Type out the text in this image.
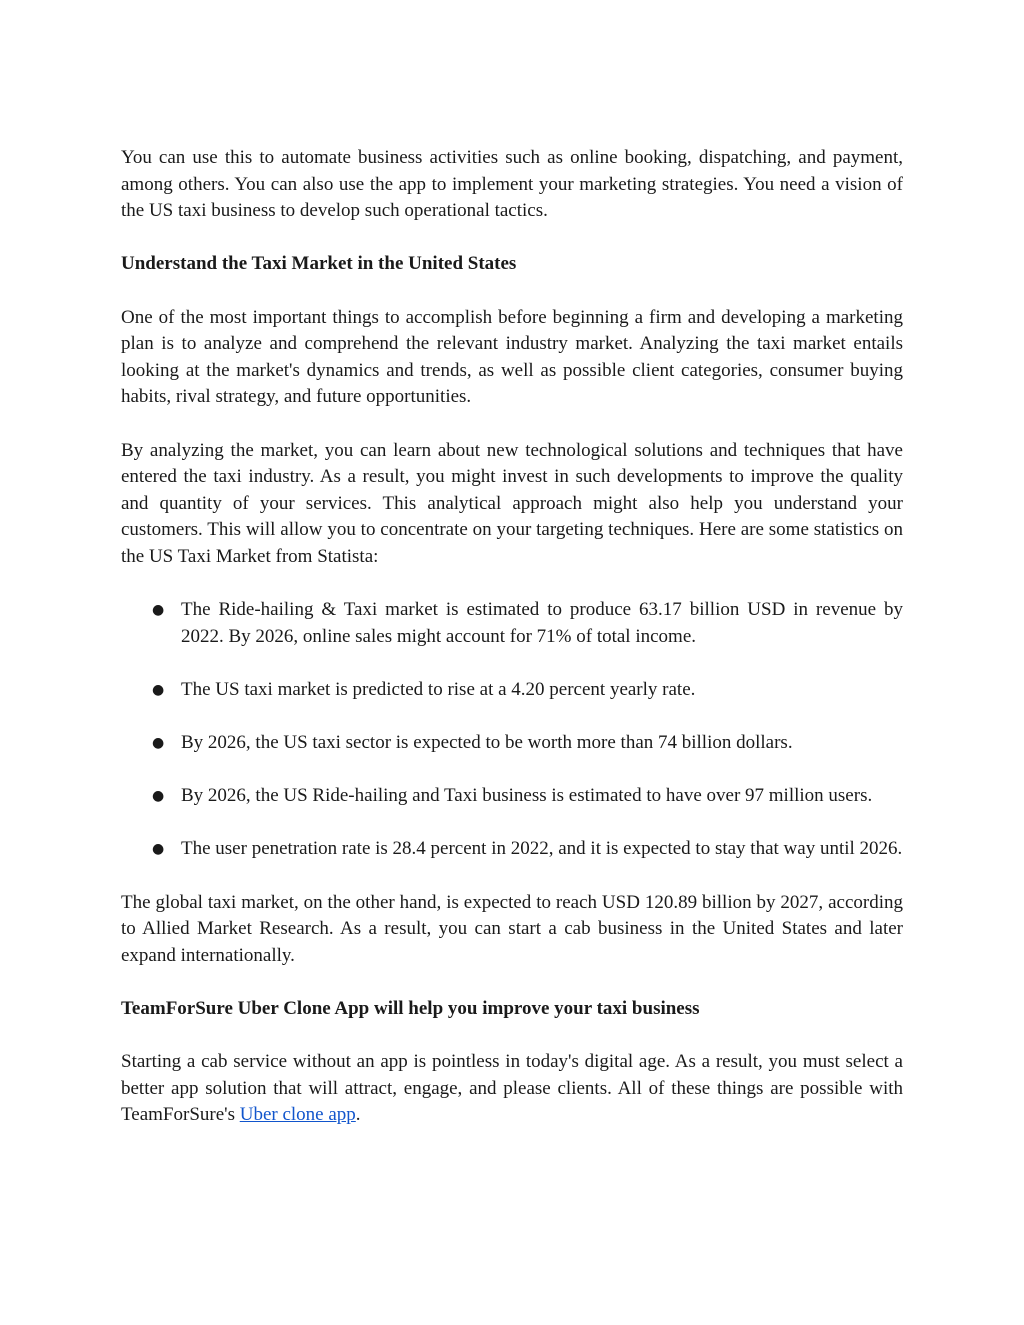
You can use this to automate business activities such as online booking, dispatching, and payment, among others. You can also use the app to implement your marketing strategies. You need a vision of the US taxi business to develop such operational tactics.

Understand the Taxi Market in the United States

One of the most important things to accomplish before beginning a firm and developing a marketing plan is to analyze and comprehend the relevant industry market. Analyzing the taxi market entails looking at the market's dynamics and trends, as well as possible client categories, consumer buying habits, rival strategy, and future opportunities.

By analyzing the market, you can learn about new technological solutions and techniques that have entered the taxi industry. As a result, you might invest in such developments to improve the quality and quantity of your services. This analytical approach might also help you understand your customers. This will allow you to concentrate on your targeting techniques. Here are some statistics on the US Taxi Market from Statista:

● The Ride-hailing & Taxi market is estimated to produce 63.17 billion USD in revenue by 2022. By 2026, online sales might account for 71% of total income.
● The US taxi market is predicted to rise at a 4.20 percent yearly rate.
● By 2026, the US taxi sector is expected to be worth more than 74 billion dollars.
● By 2026, the US Ride-hailing and Taxi business is estimated to have over 97 million users.
● The user penetration rate is 28.4 percent in 2022, and it is expected to stay that way until 2026.

The global taxi market, on the other hand, is expected to reach USD 120.89 billion by 2027, according to Allied Market Research. As a result, you can start a cab business in the United States and later expand internationally.

TeamForSure Uber Clone App will help you improve your taxi business

Starting a cab service without an app is pointless in today's digital age. As a result, you must select a better app solution that will attract, engage, and please clients. All of these things are possible with TeamForSure's Uber clone app.
